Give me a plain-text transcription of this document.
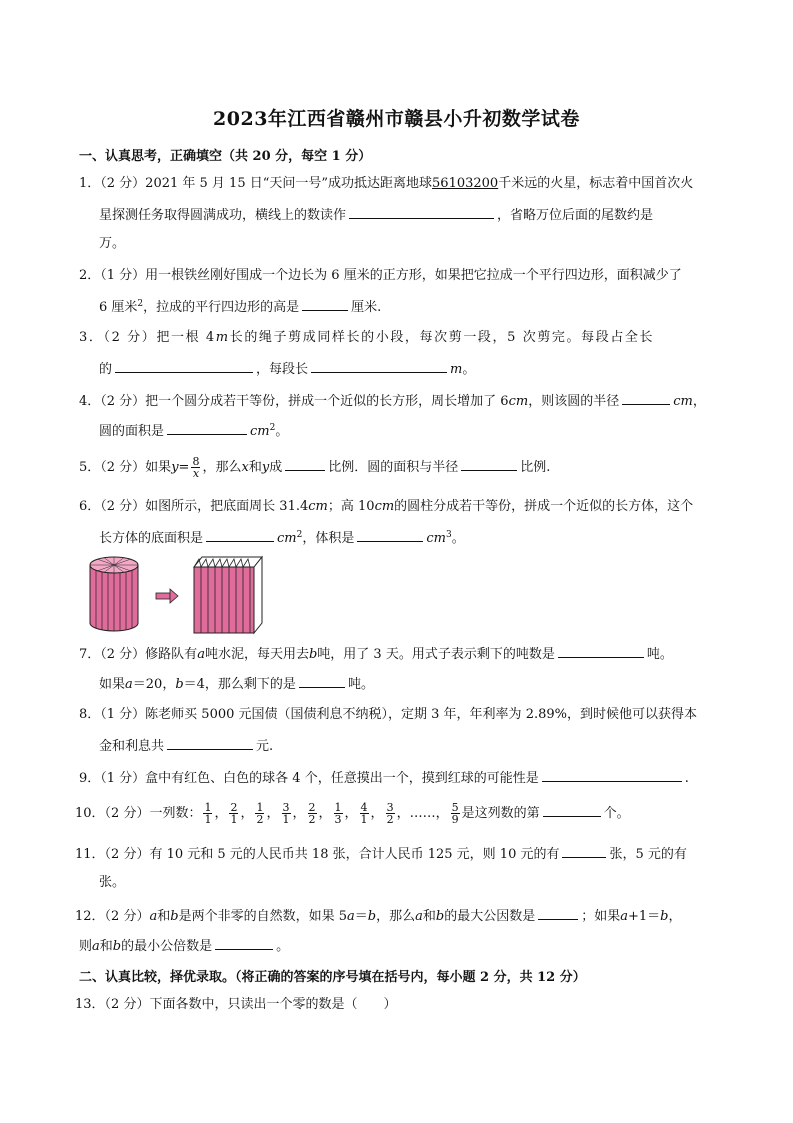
2023年江西省赣州市赣县小升初数学试卷
一、认真思考，正确填空（共 20 分，每空 1 分）
1．（2 分）2021 年 5 月 15 日“天问一号”成功抵达距离地球56103200千米远的火星，标志着中国首次火
星探测任务取得圆满成功，横线上的数读作	，省略万位后面的尾数约是
万。
2．（1 分）用一根铁丝刚好围成一个边长为 6 厘米的正方形，如果把它拉成一个平行四边形，面积减少了
6 厘米$^2$，拉成的平行四边形的高是	厘米.
3．（2 分）把一根 4m长的绳子剪成同样长的小段，每次剪一段，5 次剪完。每段占全长
的	，每段长	m。
4．（2 分）把一个圆分成若干等份，拼成一个近似的长方形，周长增加了 6cm，则该圆的半径	cm，
圆的面积是	$cm^2$。
5．（2 分）如果$y= \frac{8}{x}$ ，那么x和y成	比例．圆的面积与半径	比例.
6．（2 分）如图所示，把底面周长 31.4cm；高 10cm的圆柱分成若干等份，拼成一个近似的长方体，这个
长方体的底面积是	$cm^2$，体积是	$cm^3$。
7．（2 分）修路队有a吨水泥，每天用去b吨，用了 3 天。用式子表示剩下的吨数是	吨。
如果a＝20，b＝4，那么剩下的是	吨。
8．（1 分）陈老师买 5000 元国债（国债利息不纳税），定期 3 年，年利率为 2.89%，到时候他可以获得本
金和利息共	元.
9．（1 分）盒中有红色、白色的球各 4 个，任意摸出一个，摸到红球的可能性是	.
10．（2 分）一列数： $\frac{1}{1}$ ， $\frac{2}{1}$ ， $\frac{1}{2}$ ， $\frac{3}{1}$ ， $\frac{2}{2}$ ， $\frac{1}{3}$ ， $\frac{4}{1}$ ， $\frac{3}{2}$ ，……， $\frac{5}{9}$ 是这列数的第	个。
11．（2 分）有 10 元和 5 元的人民币共 18 张，合计人民币 125 元，则 10 元的有	张，5 元的有
张。
12．（2 分）a和b是两个非零的自然数，如果 5a＝b，那么a和b的最大公因数是	；如果a+1＝b，
则a和b的最小公倍数是	。
二、认真比较，择优录取。（将正确的答案的序号填在括号内，每小题 2 分，共 12 分）
13．（2 分）下面各数中，只读出一个零的数是（　　）
